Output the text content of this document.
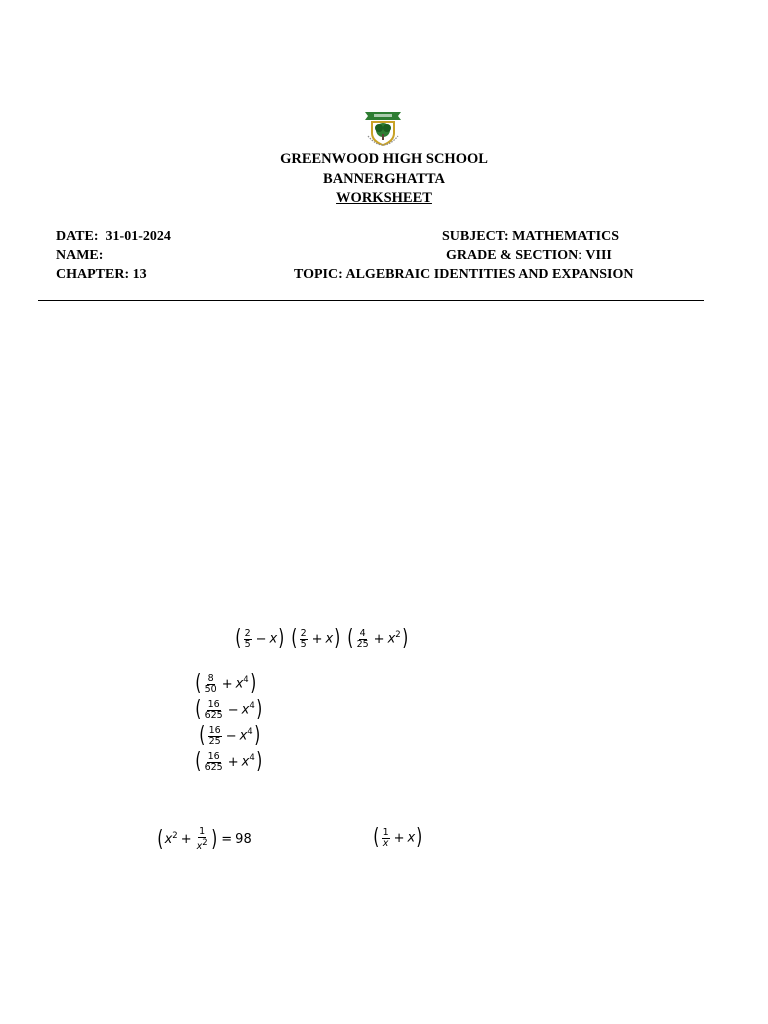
GREENWOOD HIGH SCHOOL
BANNERGHATTA
WORKSHEET
DATE: 31-01-2024
NAME:
CHAPTER: 13
SUBJECT: MATHEMATICS
GRADE & SECTION: VIII
TOPIC: ALGEBRAIC IDENTITIES AND EXPANSION
( $\frac{2}{5} - x$) ( $\frac{2}{5} + x$) ( $\frac{4}{25} + x^2$)
( $\frac{8}{50} + x^4$)
( $\frac{16}{625} - x^4$)
( $\frac{16}{25} - x^4$)
( $\frac{16}{625} + x^4$)
($x^2 + \frac{1}{x^2}$ ) = 98	( $\frac{1}{x} + x$)
